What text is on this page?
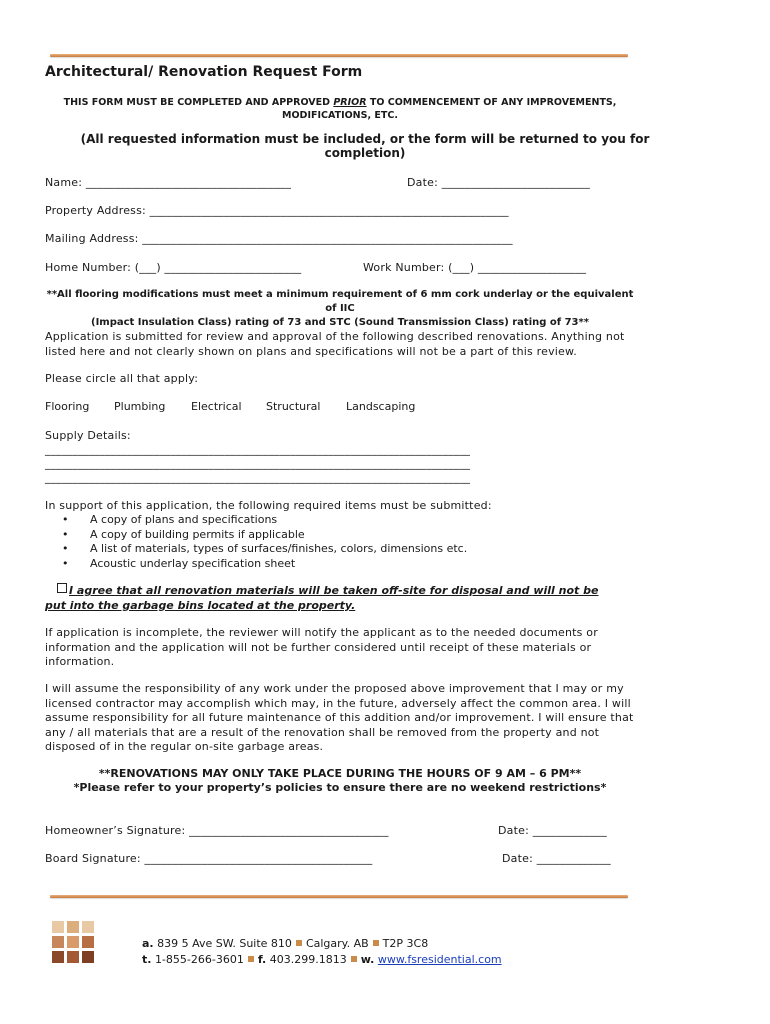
Architectural/ Renovation Request Form
THIS FORM MUST BE COMPLETED AND APPROVED PRIOR TO COMMENCEMENT OF ANY IMPROVEMENTS,
MODIFICATIONS, ETC.
(All requested information must be included, or the form will be returned to you for completion)
Name: ____________________________________	Date: __________________________
Property Address: _______________________________________________________________
Mailing Address: _________________________________________________________________
Home Number: (___) ________________________	Work Number: (___) ___________________
**All flooring modifications must meet a minimum requirement of 6 mm cork underlay or the equivalent of IIC
(Impact Insulation Class) rating of 73 and STC (Sound Transmission Class) rating of 73**
Application is submitted for review and approval of the following described renovations. Anything not listed here and not clearly shown on plans and specifications will not be a part of this review.
Please circle all that apply:
Flooring Plumbing Electrical Structural Landscaping
Supply Details:
______________________________________________________________________________
______________________________________________________________________________
______________________________________________________________________________
In support of this application, the following required items must be submitted:
• A copy of plans and specifications
• A copy of building permits if applicable
• A list of materials, types of surfaces/finishes, colors, dimensions etc.
• Acoustic underlay specification sheet
I agree that all renovation materials will be taken off-site for disposal and will not be
put into the garbage bins located at the property.
If application is incomplete, the reviewer will notify the applicant as to the needed documents or information and the application will not be further considered until receipt of these materials or information.
I will assume the responsibility of any work under the proposed above improvement that I may or my licensed contractor may accomplish which may, in the future, adversely affect the common area. I will assume responsibility for all future maintenance of this addition and/or improvement. I will ensure that any / all materials that are a result of the renovation shall be removed from the property and not disposed of in the regular on-site garbage areas.
**RENOVATIONS MAY ONLY TAKE PLACE DURING THE HOURS OF 9 AM – 6 PM**
*Please refer to your property’s policies to ensure there are no weekend restrictions*
Homeowner’s Signature: ___________________________________	Date: _____________
Board Signature: ________________________________________	Date: _____________
a. 839 5 Ave SW. Suite 810 Calgary. AB T2P 3C8
t. 1-855-266-3601 f. 403.299.1813 w. www.fsresidential.com
